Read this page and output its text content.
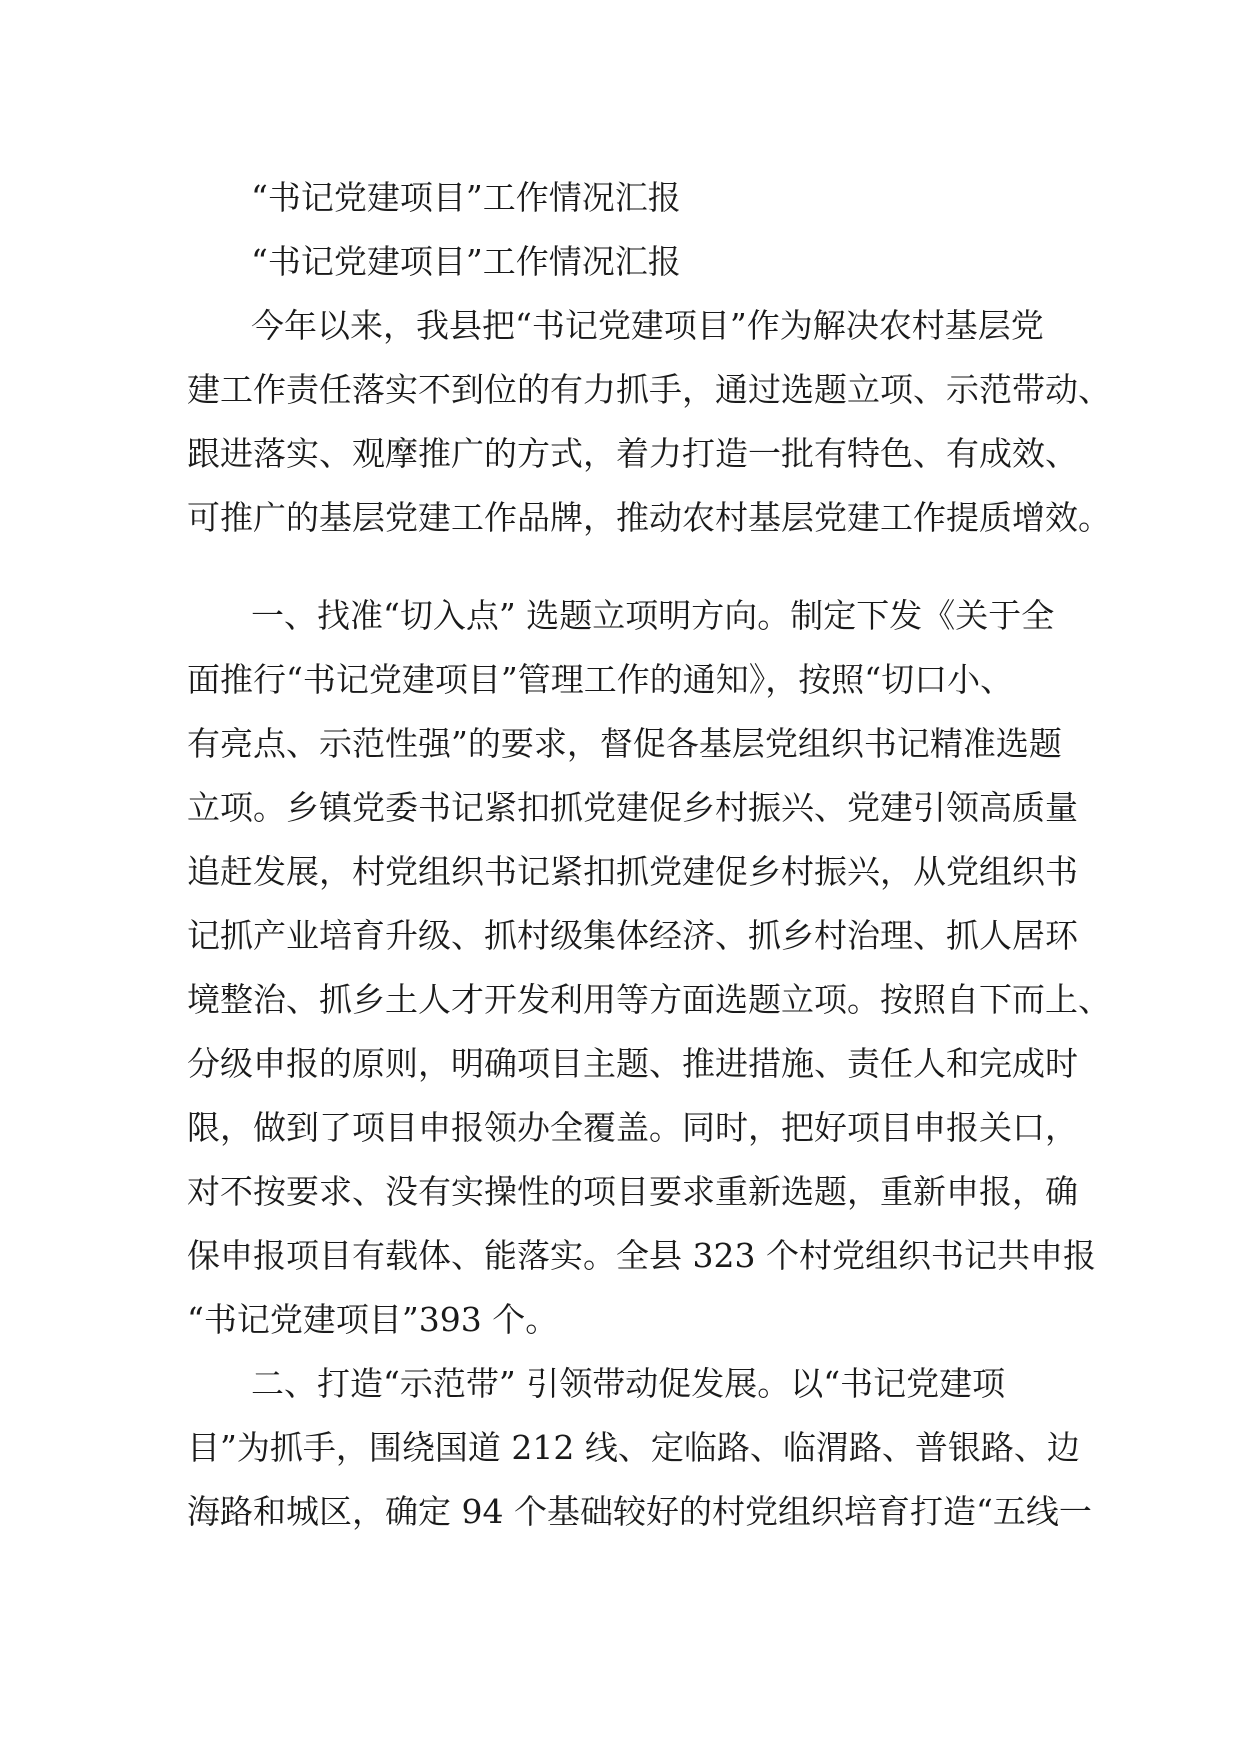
“书记党建项目”工作情况汇报
“书记党建项目”工作情况汇报

今年以来，我县把“书记党建项目”作为解决农村基层党

建工作责任落实不到位的有力抓手，通过选题立项、示范带动、

跟进落实、观摩推广的方式，着力打造一批有特色、有成效、

可推广的基层党建工作品牌，推动农村基层党建工作提质增效。

一、找准“切入点” 选题立项明方向。制定下发《关于全

面推行“书记党建项目”管理工作的通知》，按照“切口小、

有亮点、示范性强”的要求，督促各基层党组织书记精准选题

立项。乡镇党委书记紧扣抓党建促乡村振兴、党建引领高质量

追赶发展，村党组织书记紧扣抓党建促乡村振兴，从党组织书

记抓产业培育升级、抓村级集体经济、抓乡村治理、抓人居环

境整治、抓乡土人才开发利用等方面选题立项。按照自下而上、

分级申报的原则，明确项目主题、推进措施、责任人和完成时

限，做到了项目申报领办全覆盖。同时，把好项目申报关口，

对不按要求、没有实操性的项目要求重新选题，重新申报，确

保申报项目有载体、能落实。全县 323 个村党组织书记共申报

“书记党建项目”393 个。

二、打造“示范带” 引领带动促发展。以“书记党建项

目”为抓手，围绕国道 212 线、定临路、临渭路、普银路、边

海路和城区，确定 94 个基础较好的村党组织培育打造“五线一
